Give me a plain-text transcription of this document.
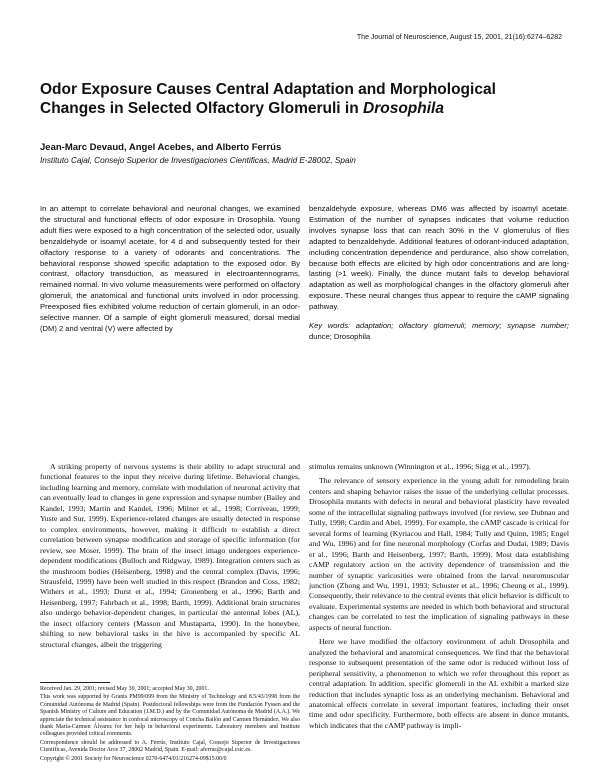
The Journal of Neuroscience, August 15, 2001, 21(16):6274–6282
Odor Exposure Causes Central Adaptation and Morphological Changes in Selected Olfactory Glomeruli in Drosophila
Jean-Marc Devaud, Angel Acebes, and Alberto Ferrús
Instituto Cajal, Consejo Superior de Investigaciones Cientificas, Madrid E-28002, Spain
In an attempt to correlate behavioral and neuronal changes, we examined the structural and functional effects of odor exposure in Drosophila. Young adult flies were exposed to a high concentration of the selected odor, usually benzaldehyde or isoamyl acetate, for 4 d and subsequently tested for their olfactory response to a variety of odorants and concentrations. The behavioral response showed specific adaptation to the exposed odor. By contrast, olfactory transduction, as measured in electroantennograms, remained normal. In vivo volume measurements were performed on olfactory glomeruli, the anatomical and functional units involved in odor processing. Preexposed flies exhibited volume reduction of certain glomeruli, in an odor-selective manner. Of a sample of eight glomeruli measured, dorsal medial (DM) 2 and ventral (V) were affected by
benzaldehyde exposure, whereas DM6 was affected by isoamyl acetate. Estimation of the number of synapses indicates that volume reduction involves synapse loss that can reach 30% in the V glomerulus of flies adapted to benzaldehyde. Additional features of odorant-induced adaptation, including concentration dependence and perdurance, also show correlation, because both effects are elicited by high odor concentrations and are long-lasting (>1 week). Finally, the dunce mutant fails to develop behavioral adaptation as well as morphological changes in the olfactory glomeruli after exposure. These neural changes thus appear to require the cAMP signaling pathway.
Key words: adaptation; olfactory glomeruli; memory; synapse number; dunce; Drosophila

A striking property of nervous systems is their ability to adapt structural and functional features to the input they receive during lifetime. Behavioral changes, including learning and memory, correlate with modulation of neuronal activity that can eventually lead to changes in gene expression and synapse number (Bailey and Kandel, 1993; Martin and Kandel, 1996; Milner et al., 1998; Corriveau, 1999; Yuste and Sur, 1999). Experience-related changes are usually detected in response to complex environments, however, making it difficult to establish a direct correlation between synapse modification and storage of specific information (for review, see Moser, 1999). The brain of the insect imago undergoes experience-dependent modifications (Bulloch and Ridgway, 1989). Integration centers such as the mushroom bodies (Heisenberg, 1998) and the central complex (Davis, 1996; Strausfeld, 1999) have been well studied in this respect (Brandon and Coss, 1982; Withers et al., 1993; Durst et al., 1994; Gronenberg et al., 1996; Barth and Heisenberg, 1997; Fahrbach et al., 1998; Barth, 1999). Additional brain structures also undergo behavior-dependent changes, in particular the antennal lobes (AL), the insect olfactory centers (Masson and Mustaparta, 1990). In the honeybee, shifting to new behavioral tasks in the hive is accompanied by specific AL structural changes, albeit the triggering

Received Jan. 29, 2001; revised May 30, 2001; accepted May 30, 2001.

This work was supported by Grants PM99/099 from the Ministry of Technology and 8.5/43/1998 from the Comunidad Autónoma de Madrid (Spain). Postdoctoral fellowships were from the Fundación Fyssen and the Spanish Ministry of Culture and Education (J.M.D.) and by the Comunidad Autónoma de Madrid (A.A.). We appreciate the technical assistance in confocal microscopy of Concha Bailón and Carmen Hernández. We also thank María-Carmen Álvarez for her help in behavioral experiments. Laboratory members and Institute colleagues provided critical comments.

Correspondence should be addressed to A. Ferrús, Instituto Cajal, Consejo Superior de Investigaciones Cientificas, Avenida Doctor Arce 37, 28002 Madrid, Spain. E-mail: aferrus@cajal.csic.es.

Copyright © 2001 Society for Neuroscience 0270-6474/01/216274-09$15.00/0

stimulus remains unknown (Winnington et al., 1996; Sigg et al., 1997).

The relevance of sensory experience in the young adult for remodeling brain centers and shaping behavior raises the issue of the underlying cellular processes. Drosophila mutants with defects in neural and behavioral plasticity have revealed some of the intracellular signaling pathways involved (for review, see Dubnau and Tully, 1998; Cardin and Abel, 1999). For example, the cAMP cascade is critical for several forms of learning (Kyriacou and Hall, 1984; Tully and Quinn, 1985; Engel and Wu, 1996) and for fine neuronal morphology (Corfas and Dudai, 1989; Davis et al., 1996; Barth and Heisenberg, 1997; Barth, 1999). Most data establishing cAMP regulatory action on the activity dependence of transmission and the number of synaptic varicosities were obtained from the larval neuromuscular junction (Zhong and Wu, 1991, 1993; Schuster et al., 1996; Cheung et al., 1999). Consequently, their relevance to the central events that elicit behavior is difficult to evaluate. Experimental systems are needed in which both behavioral and structural changes can be correlated to test the implication of signaling pathways in these aspects of neural function.

Here we have modified the olfactory environment of adult Drosophila and analyzed the behavioral and anatomical consequences. We find that the behavioral response to subsequent presentation of the same odor is reduced without loss of peripheral sensitivity, a phenomenon to which we refer throughout this report as central adaptation. In addition, specific glomeruli in the AL exhibit a marked size reduction that includes synaptic loss as an underlying mechanism. Behavioral and anatomical effects correlate in several important features, including their onset time and odor specificity. Furthermore, both effects are absent in dunce mutants, which indicates that the cAMP pathway is impli-
